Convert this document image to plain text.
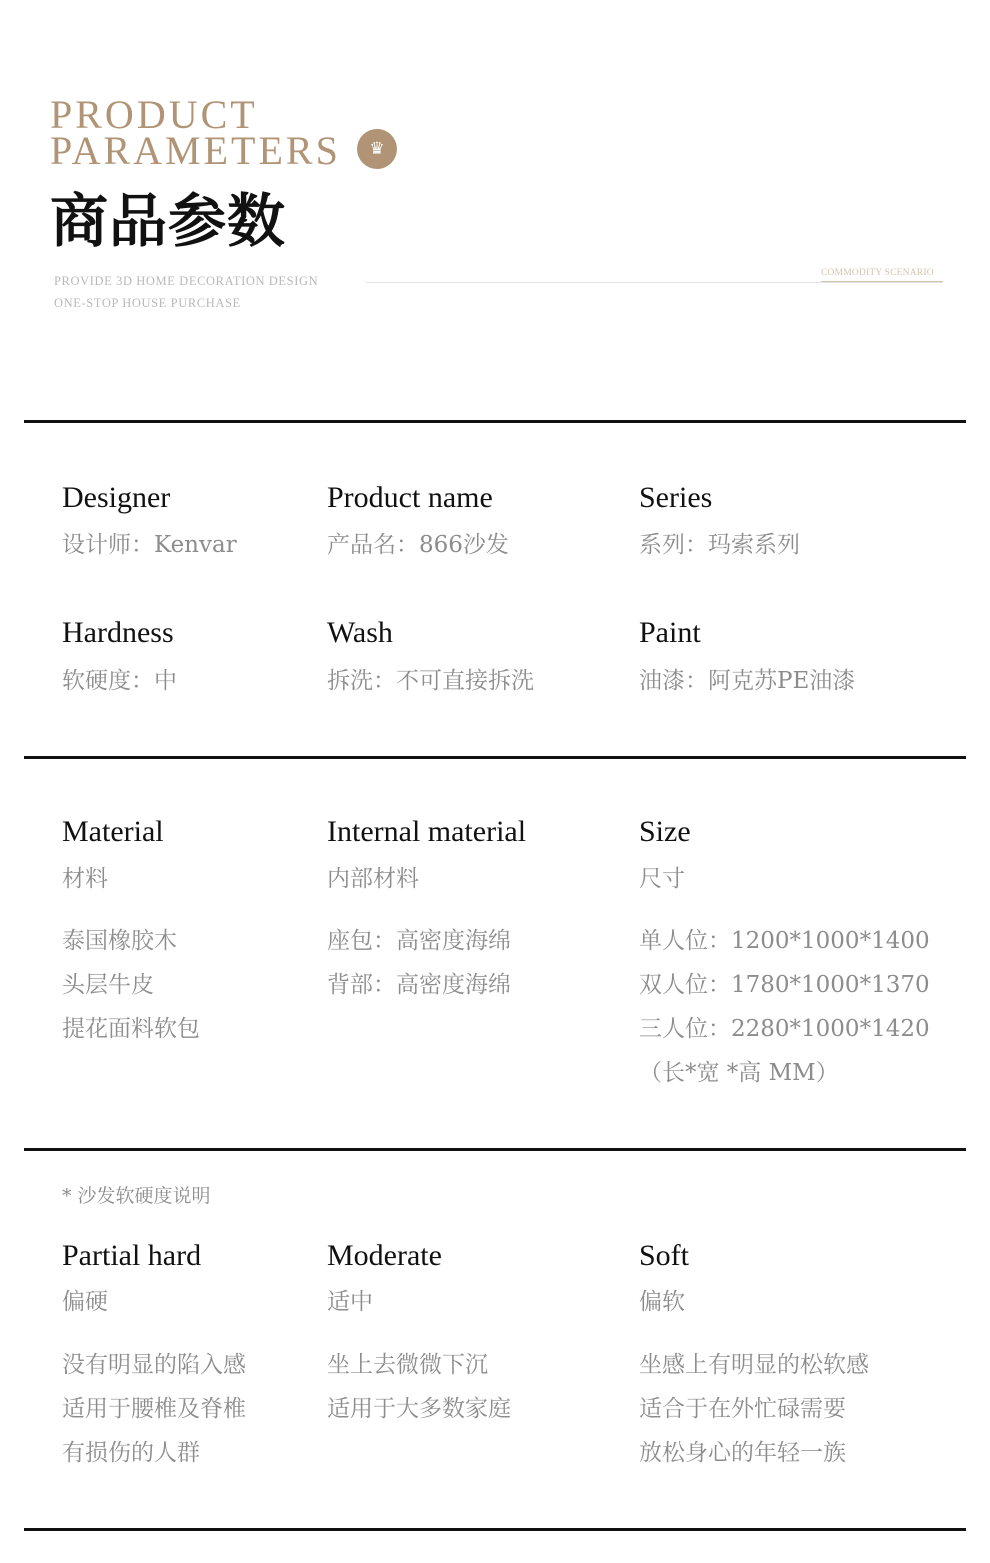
PRODUCT
PARAMETERS	♛
商品参数
PROVIDE 3D HOME DECORATION DESIGN
ONE-STOP HOUSE PURCHASE
COMMODITY SCENARIO
Designer
设计师：Kenvar
Product name
产品名：866沙发
Series
系列：玛索系列
Hardness
软硬度：中
Wash
拆洗：不可直接拆洗
Paint
油漆：阿克苏PE油漆
Material
材料
泰国橡胶木
头层牛皮
提花面料软包
Internal material
内部材料
座包：高密度海绵
背部：高密度海绵
Size
尺寸
单人位：1200*1000*1400
双人位：1780*1000*1370
三人位：2280*1000*1420
（长*宽 *高 MM）
* 沙发软硬度说明
Partial hard
偏硬
没有明显的陷入感
适用于腰椎及脊椎
有损伤的人群
Moderate
适中
坐上去微微下沉
适用于大多数家庭
Soft
偏软
坐感上有明显的松软感
适合于在外忙碌需要
放松身心的年轻一族
